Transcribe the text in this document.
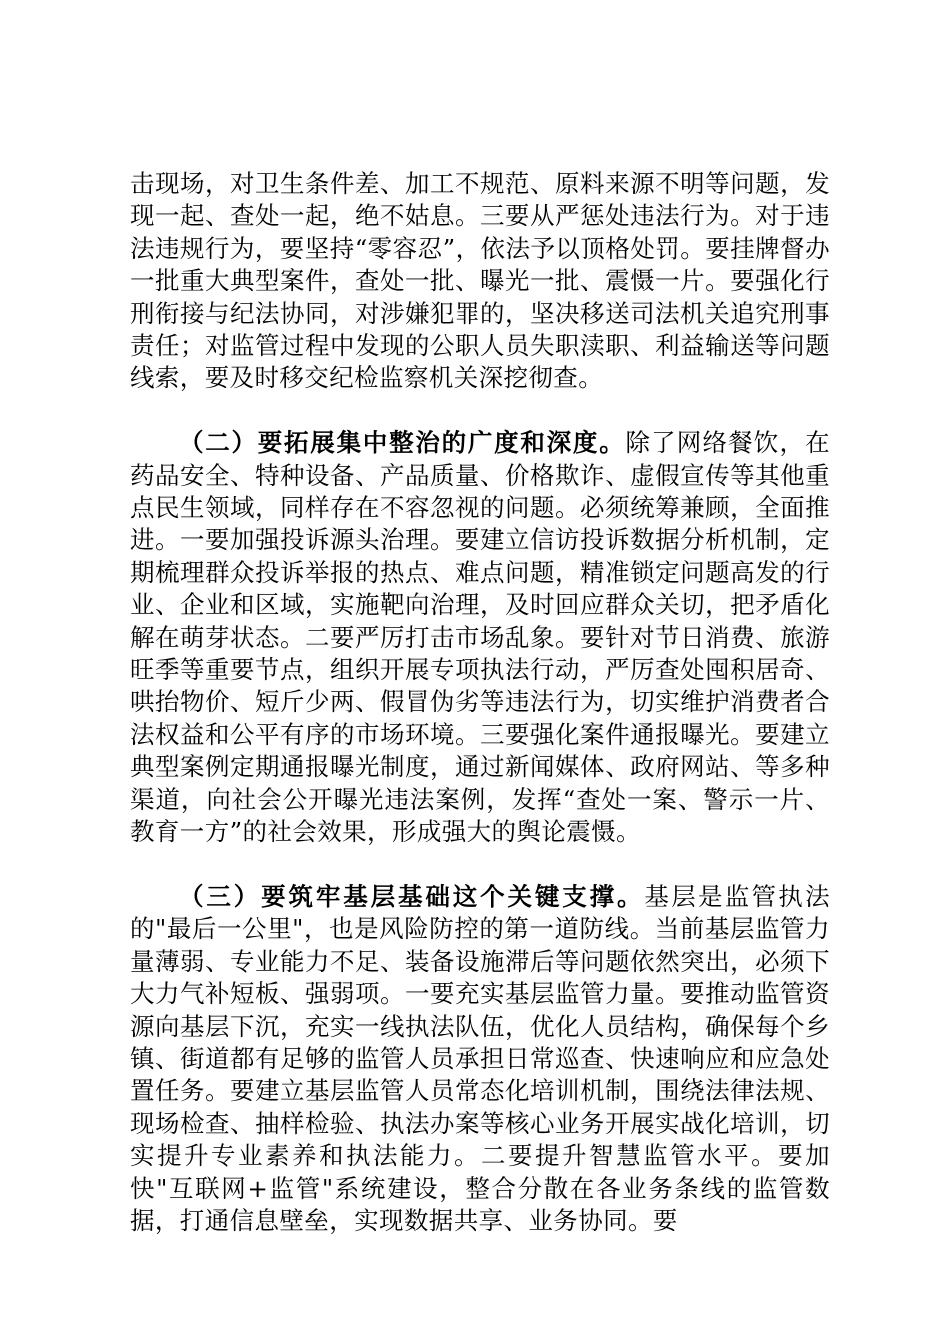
击现场，对卫生条件差、加工不规范、原料来源不明等问题，发现一起、查处一起，绝不姑息。三要从严惩处违法行为。对于违法违规行为，要坚持“零容忍”，依法予以顶格处罚。要挂牌督办一批重大典型案件，查处一批、曝光一批、震慑一片。要强化行刑衔接与纪法协同，对涉嫌犯罪的，坚决移送司法机关追究刑事责任；对监管过程中发现的公职人员失职渎职、利益输送等问题线索，要及时移交纪检监察机关深挖彻查。

（二）要拓展集中整治的广度和深度。除了网络餐饮，在药品安全、特种设备、产品质量、价格欺诈、虚假宣传等其他重点民生领域，同样存在不容忽视的问题。必须统筹兼顾，全面推进。一要加强投诉源头治理。要建立信访投诉数据分析机制，定期梳理群众投诉举报的热点、难点问题，精准锁定问题高发的行业、企业和区域，实施靶向治理，及时回应群众关切，把矛盾化解在萌芽状态。二要严厉打击市场乱象。要针对节日消费、旅游旺季等重要节点，组织开展专项执法行动，严厉查处囤积居奇、哄抬物价、短斤少两、假冒伪劣等违法行为，切实维护消费者合法权益和公平有序的市场环境。三要强化案件通报曝光。要建立典型案例定期通报曝光制度，通过新闻媒体、政府网站、等多种渠道，向社会公开曝光违法案例，发挥“查处一案、警示一片、教育一方”的社会效果，形成强大的舆论震慑。

（三）要筑牢基层基础这个关键支撑。基层是监管执法的"最后一公里"，也是风险防控的第一道防线。当前基层监管力量薄弱、专业能力不足、装备设施滞后等问题依然突出，必须下大力气补短板、强弱项。一要充实基层监管力量。要推动监管资源向基层下沉，充实一线执法队伍，优化人员结构，确保每个乡镇、街道都有足够的监管人员承担日常巡查、快速响应和应急处置任务。要建立基层监管人员常态化培训机制，围绕法律法规、现场检查、抽样检验、执法办案等核心业务开展实战化培训，切实提升专业素养和执法能力。二要提升智慧监管水平。要加快"互联网+监管"系统建设，整合分散在各业务条线的监管数据，打通信息壁垒，实现数据共享、业务协同。要
